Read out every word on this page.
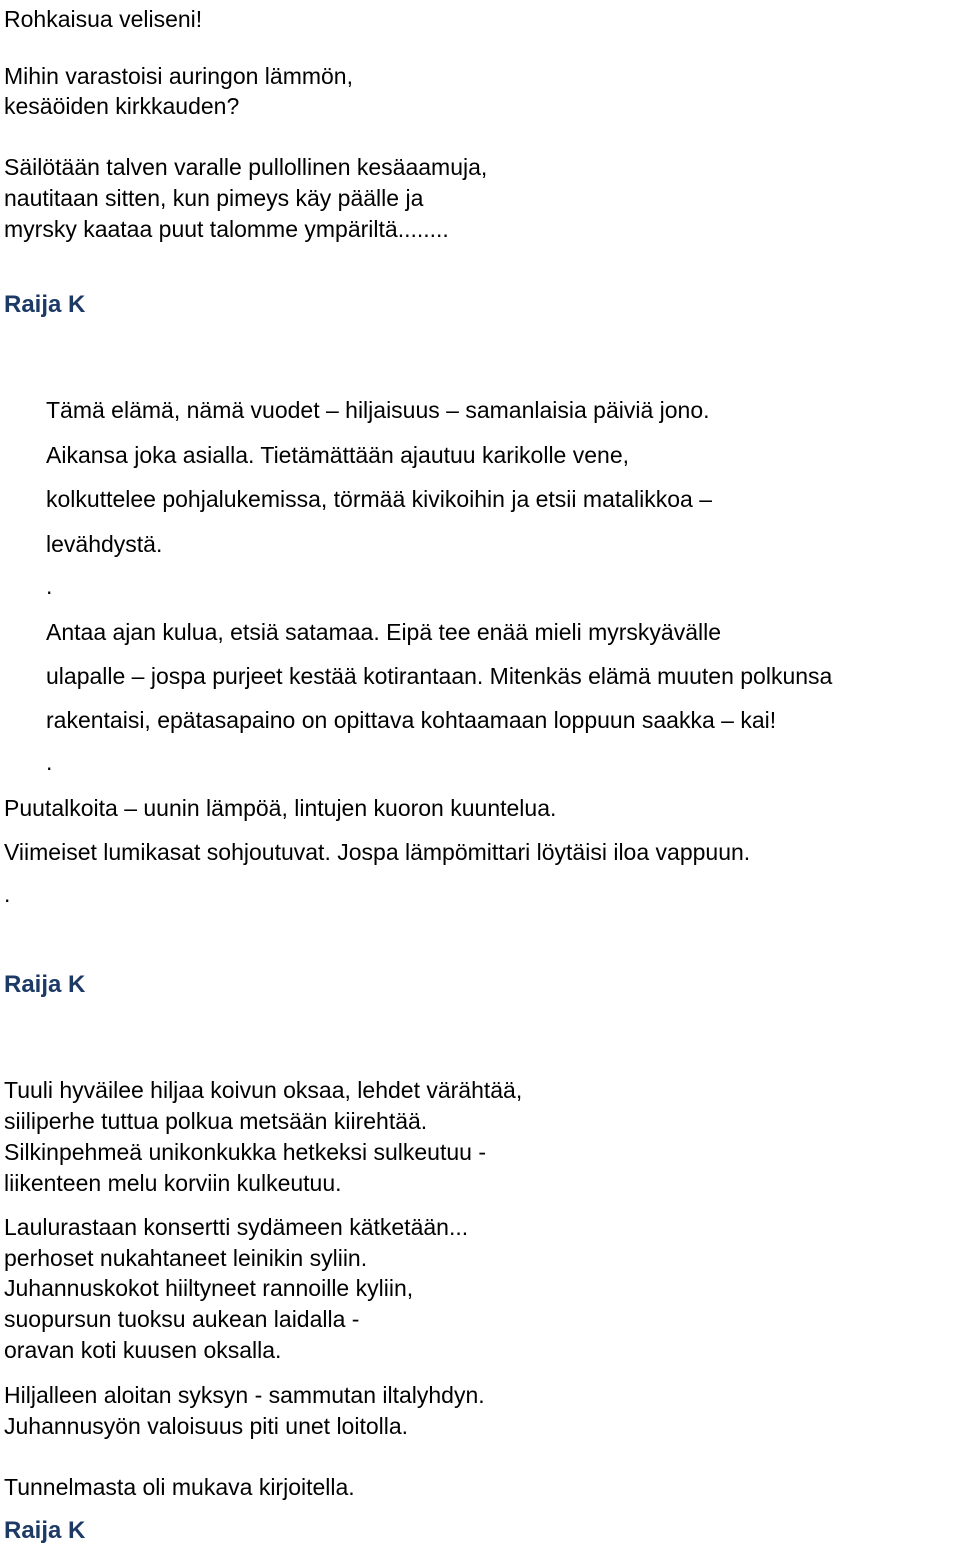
Rohkaisua veliseni!
Mihin varastoisi auringon lämmön,
kesäöiden kirkkauden?
Säilötään talven varalle pullollinen kesäaamuja,
nautitaan sitten, kun pimeys käy päälle ja
myrsky kaataa puut talomme ympäriltä........
Raija K
Tämä elämä, nämä vuodet – hiljaisuus – samanlaisia päiviä jono.
Aikansa joka asialla. Tietämättään ajautuu karikolle vene,
kolkuttelee pohjalukemissa, törmää kivikoihin ja etsii matalikkoa –
levähdystä.
.
Antaa ajan kulua, etsiä satamaa. Eipä tee enää mieli myrskyävälle
ulapalle – jospa purjeet kestää kotirantaan. Mitenkäs elämä muuten polkunsa
rakentaisi, epätasapaino on opittava kohtaamaan loppuun saakka – kai!
.
Puutalkoita – uunin lämpöä, lintujen kuoron kuuntelua.
Viimeiset lumikasat sohjoutuvat. Jospa lämpömittari löytäisi iloa vappuun.
.
Raija K
Tuuli hyväilee hiljaa koivun oksaa, lehdet värähtää,
siiliperhe tuttua polkua metsään kiirehtää.
Silkinpehmeä unikonkukka hetkeksi sulkeutuu -
liikenteen melu korviin kulkeutuu.
Laulurastaan konsertti sydämeen kätketään...
perhoset nukahtaneet leinikin syliin.
Juhannuskokot hiiltyneet rannoille kyliin,
suopursun tuoksu aukean laidalla -
oravan koti kuusen oksalla.
Hiljalleen aloitan syksyn - sammutan iltalyhdyn.
Juhannusyön valoisuus piti unet loitolla.
Tunnelmasta oli mukava kirjoitella.
Raija K
